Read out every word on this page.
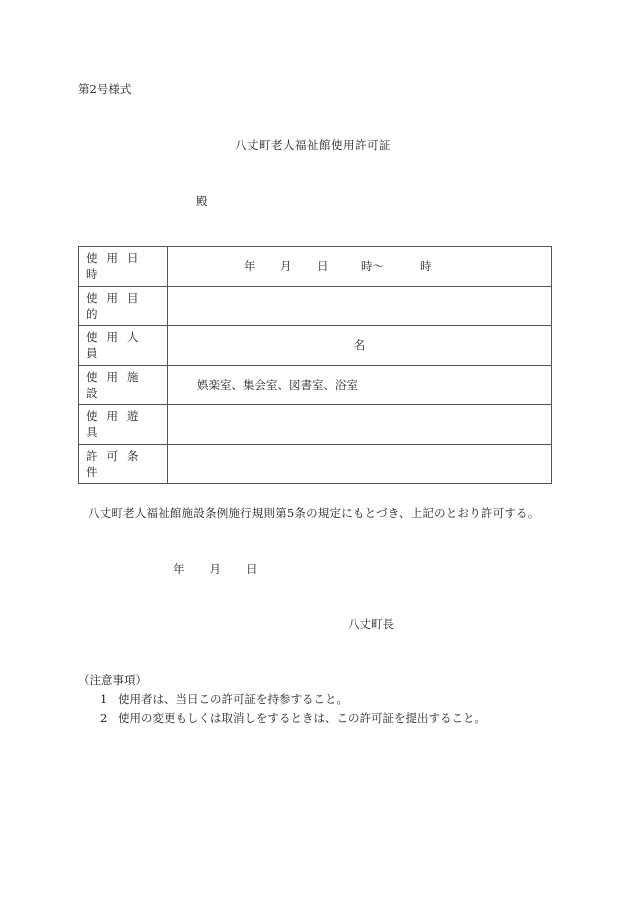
第2号様式
八丈町老人福祉館使用許可証
殿
使用日時	年 月 日 時～ 時

使用目的	
使用人員	名
使用施設	娯楽室、集会室、図書室、浴室
使用遊具	
許可条件	
八丈町老人福祉館施設条例施行規則第5条の規定にもとづき、上記のとおり許可する。
年 月 日
八丈町長
（注意事項）
1 使用者は、当日この許可証を持参すること。
2 使用の変更もしくは取消しをするときは、この許可証を提出すること。
